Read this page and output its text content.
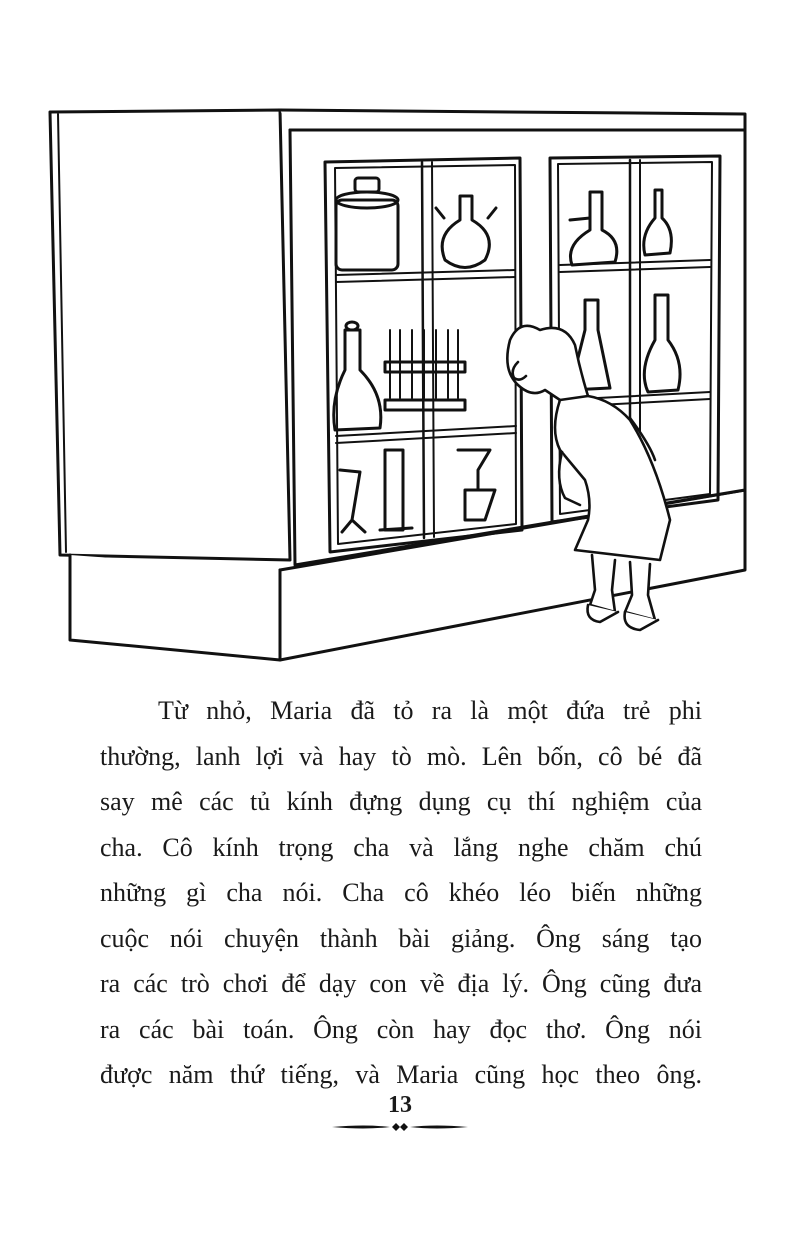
Từ nhỏ, Maria đã tỏ ra là một đứa trẻ phi
thường, lanh lợi và hay tò mò. Lên bốn, cô bé đã
say mê các tủ kính đựng dụng cụ thí nghiệm của
cha. Cô kính trọng cha và lắng nghe chăm chú
những gì cha nói. Cha cô khéo léo biến những
cuộc nói chuyện thành bài giảng. Ông sáng tạo
ra các trò chơi để dạy con về địa lý. Ông cũng đưa
ra các bài toán. Ông còn hay đọc thơ. Ông nói
được năm thứ tiếng, và Maria cũng học theo ông.
13
